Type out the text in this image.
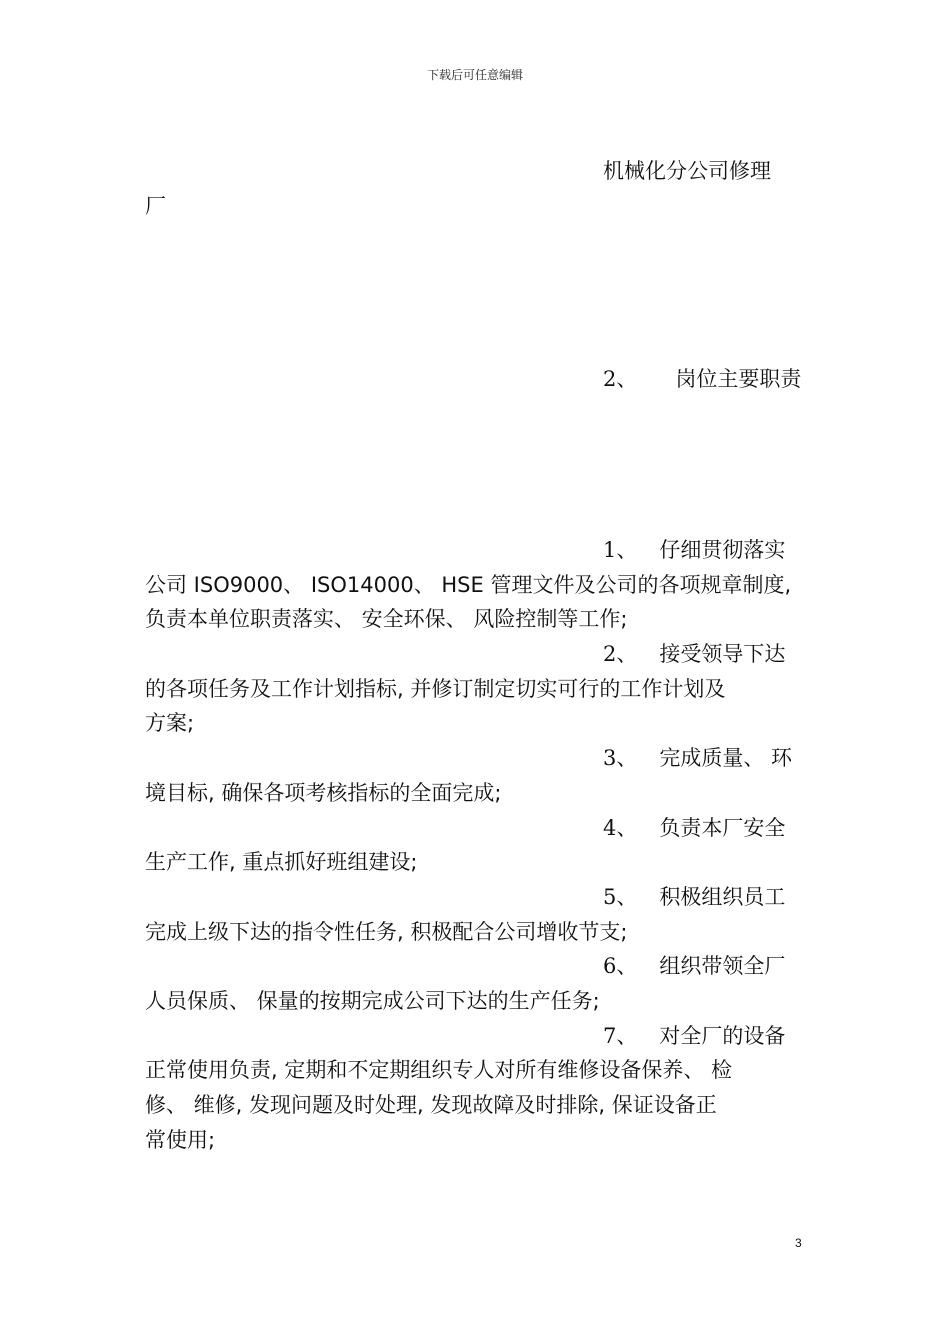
下载后可任意编辑
机械化分公司修理
厂
2、 岗位主要职责
1、 仔细贯彻落实
公司 ISO9000、 ISO14000、 HSE 管理文件及公司的各项规章制度,
负责本单位职责落实、 安全环保、 风险控制等工作;
2、 接受领导下达
的各项任务及工作计划指标, 并修订制定切实可行的工作计划及
方案;
3、 完成质量、 环
境目标, 确保各项考核指标的全面完成;
4、 负责本厂安全
生产工作, 重点抓好班组建设;
5、 积极组织员工
完成上级下达的指令性任务, 积极配合公司增收节支;
6、 组织带领全厂
人员保质、 保量的按期完成公司下达的生产任务;
7、 对全厂的设备
正常使用负责, 定期和不定期组织专人对所有维修设备保养、 检
修、 维修, 发现问题及时处理, 发现故障及时排除, 保证设备正
常使用;
3
